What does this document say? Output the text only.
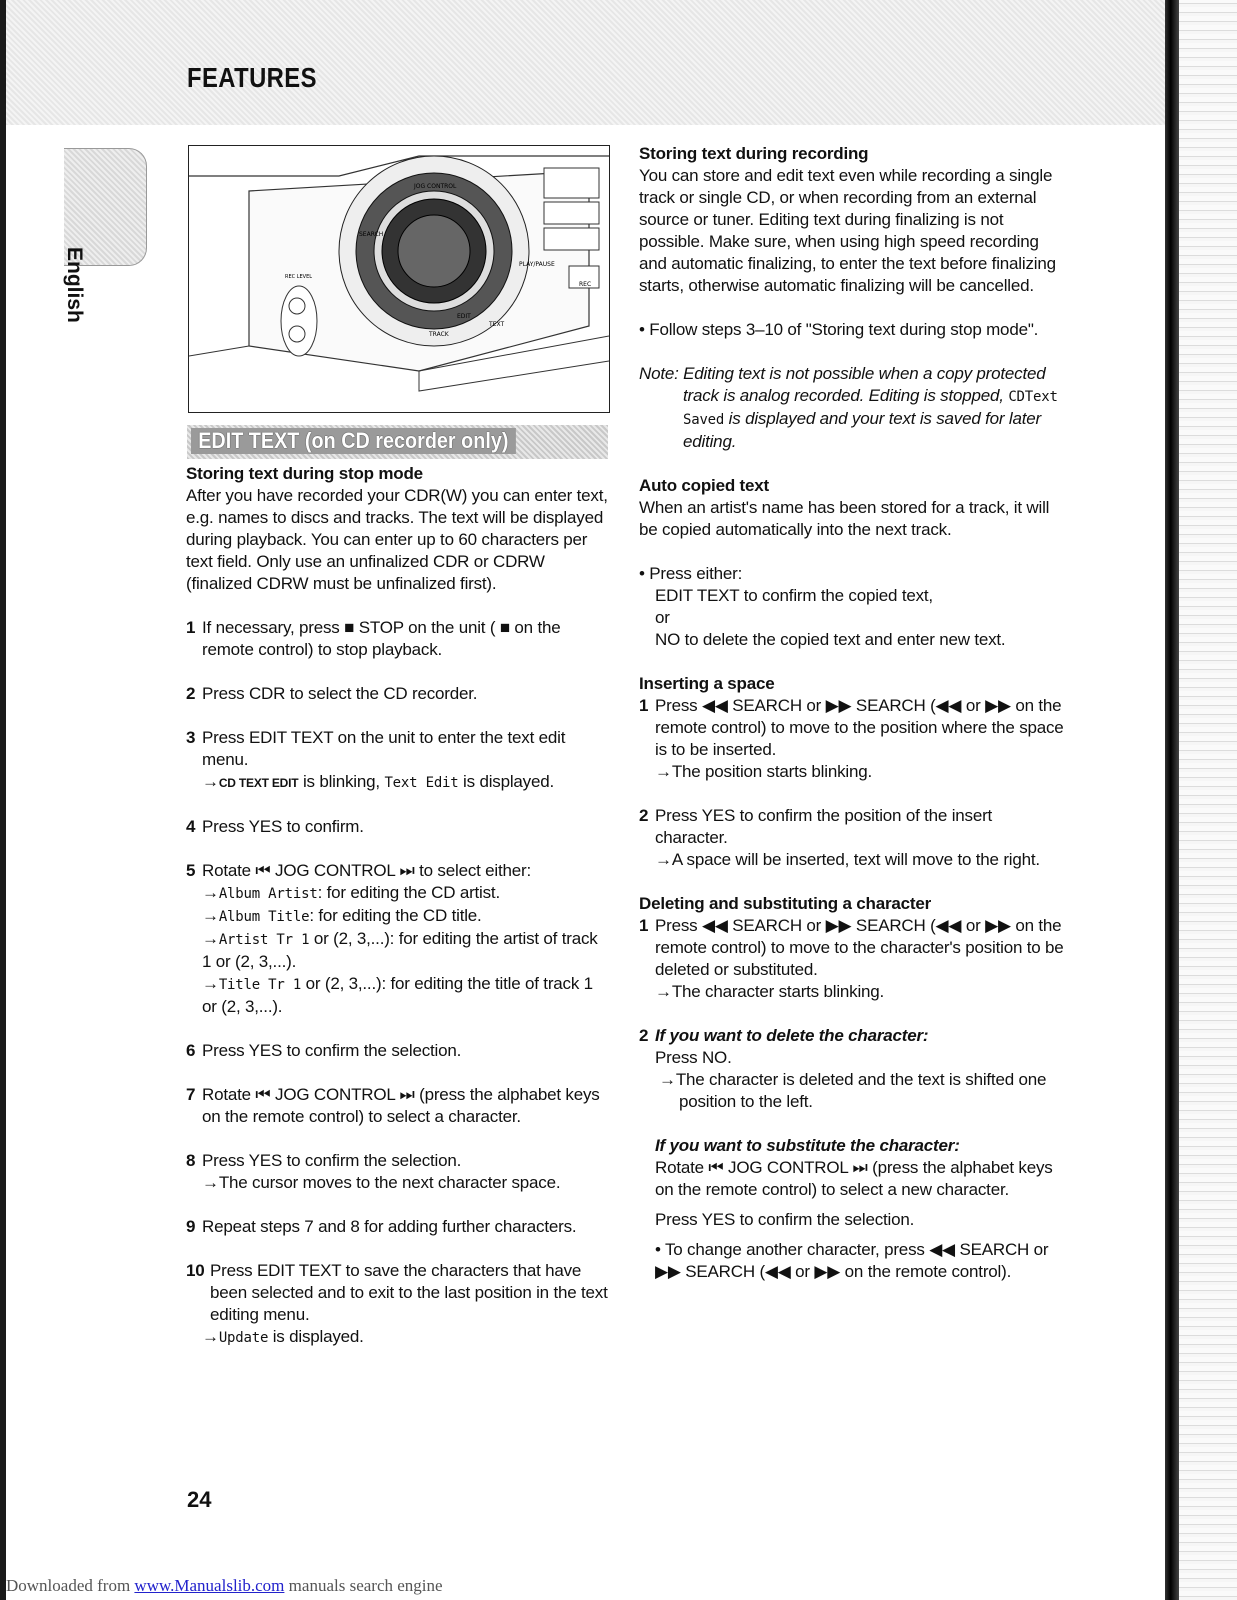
FEATURES
English
JOG CONTROL
SEARCH
PLAY/PAUSE
EDIT
TRACK
TEXT
REC
REC LEVEL
EDIT TEXT (on CD recorder only)

Storing text during stop mode

After you have recorded your CDR(W) you can enter text, e.g. names to discs and tracks. The text will be displayed during playback. You can enter up to 60 characters per text field. Only use an unfinalized CDR or CDRW (finalized CDRW must be unfinalized first).

1 If necessary, press ■ STOP on the unit ( ■ on the remote control) to stop playback.
2 Press CDR to select the CD recorder.
3 Press EDIT TEXT on the unit to enter the text edit menu.

→CD TEXT EDIT is blinking, Text Edit is displayed.

4 Press YES to confirm.
5 Rotate ⏮ JOG CONTROL ⏭ to select either:

→Album Artist: for editing the CD artist.

→Album Title: for editing the CD title.

→Artist Tr 1 or (2, 3,...): for editing the artist of track 1 or (2, 3,...).

→Title Tr 1 or (2, 3,...): for editing the title of track 1 or (2, 3,...).

6 Press YES to confirm the selection.
7 Rotate ⏮ JOG CONTROL ⏭ (press the alphabet keys on the remote control) to select a character.
8 Press YES to confirm the selection.

→The cursor moves to the next character space.

9 Repeat steps 7 and 8 for adding further characters.
10 Press EDIT TEXT to save the characters that have been selected and to exit to the last position in the text editing menu.

→Update is displayed.

Storing text during recording

You can store and edit text even while recording a single track or single CD, or when recording from an external source or tuner. Editing text during finalizing is not possible. Make sure, when using high speed recording and automatic finalizing, to enter the text before finalizing starts, otherwise automatic finalizing will be cancelled.

• Follow steps 3–10 of "Storing text during stop mode".

Note: Editing text is not possible when a copy protected track is analog recorded. Editing is stopped, CDText Saved is displayed and your text is saved for later editing.

Auto copied text

When an artist's name has been stored for a track, it will be copied automatically into the next track.

• Press either:

EDIT TEXT to confirm the copied text,

or

NO to delete the copied text and enter new text.

Inserting a space

1 Press ◀◀ SEARCH or ▶▶ SEARCH (◀◀ or ▶▶ on the remote control) to move to the position where the space is to be inserted.

→The position starts blinking.

2 Press YES to confirm the position of the insert character.

→A space will be inserted, text will move to the right.

Deleting and substituting a character

1 Press ◀◀ SEARCH or ▶▶ SEARCH (◀◀ or ▶▶ on the remote control) to move to the character's position to be deleted or substituted.

→The character starts blinking.

2 If you want to delete the character:

Press NO.

→The character is deleted and the text is shifted one position to the left.

If you want to substitute the character:

Rotate ⏮ JOG CONTROL ⏭ (press the alphabet keys on the remote control) to select a new character.

Press YES to confirm the selection.

• To change another character, press ◀◀ SEARCH or ▶▶ SEARCH (◀◀ or ▶▶ on the remote control).

24
Downloaded from www.Manualslib.com manuals search engine
